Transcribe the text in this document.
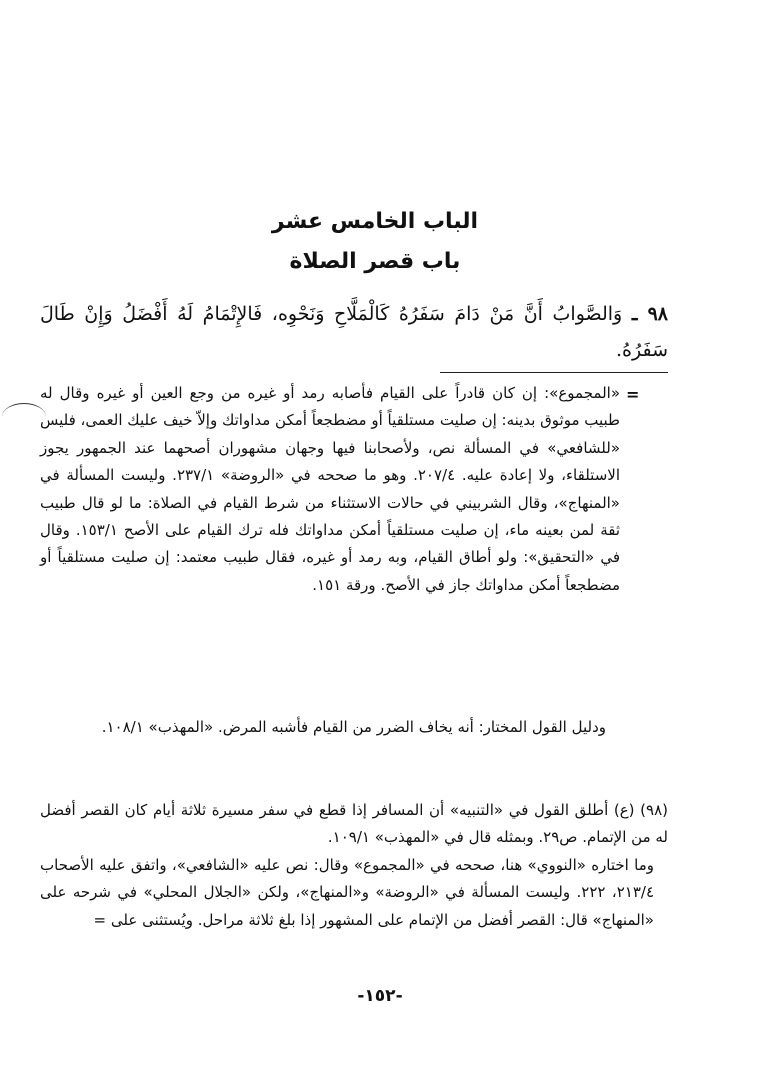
الباب الخامس عشر
باب قصر الصلاة
٩٨ ـ وَالصَّوابُ أَنَّ مَنْ دَامَ سَفَرُهُ كَالْمَلَّاحِ وَنَحْوِه، فَالإِتْمَامُ لَهُ أَفْضَلُ وَإِنْ طَالَ سَفَرُهُ.
=
«المجموع»: إن كان قادراً على القيام فأصابه رمد أو غيره من وجع العين أو غيره وقال له طبيب موثوق بدينه: إن صليت مستلقياً أو مضطجعاً أمكن مداواتك وإلاّ خيف عليك العمى، فليس «للشافعي» في المسألة نص، ولأصحابنا فيها وجهان مشهوران أصحهما عند الجمهور يجوز الاستلقاء، ولا إعادة عليه. ٢٠٧/٤. وهو ما صححه في «الروضة» ٢٣٧/١. وليست المسألة في «المنهاج»، وقال الشربيني في حالات الاستثناء من شرط القيام في الصلاة: ما لو قال طبيب ثقة لمن بعينه ماء، إن صليت مستلقياً أمكن مداواتك فله ترك القيام على الأصح ١٥٣/١. وقال في «التحقيق»: ولو أطاق القيام، وبه رمد أو غيره، فقال طبيب معتمد: إن صليت مستلقياً أو مضطجعاً أمكن مداواتك جاز في الأصح. ورقة ١٥١.
ودليل القول المختار: أنه يخاف الضرر من القيام فأشبه المرض. «المهذب» ١٠٨/١.
(٩٨) (ع) أطلق القول في «التنبيه» أن المسافر إذا قطع في سفر مسيرة ثلاثة أيام كان القصر أفضل له من الإتمام. ص٢٩. وبمثله قال في «المهذب» ١٠٩/١.
وما اختاره «النووي» هنا، صححه في «المجموع» وقال: نص عليه «الشافعي»، واتفق عليه الأصحاب ٢١٣/٤، ٢٢٢. وليست المسألة في «الروضة» و«المنهاج»، ولكن «الجلال المحلي» في شرحه على «المنهاج» قال: القصر أفضل من الإتمام على المشهور إذا بلغ ثلاثة مراحل. ويُستثنى على =
-١٥٢-
